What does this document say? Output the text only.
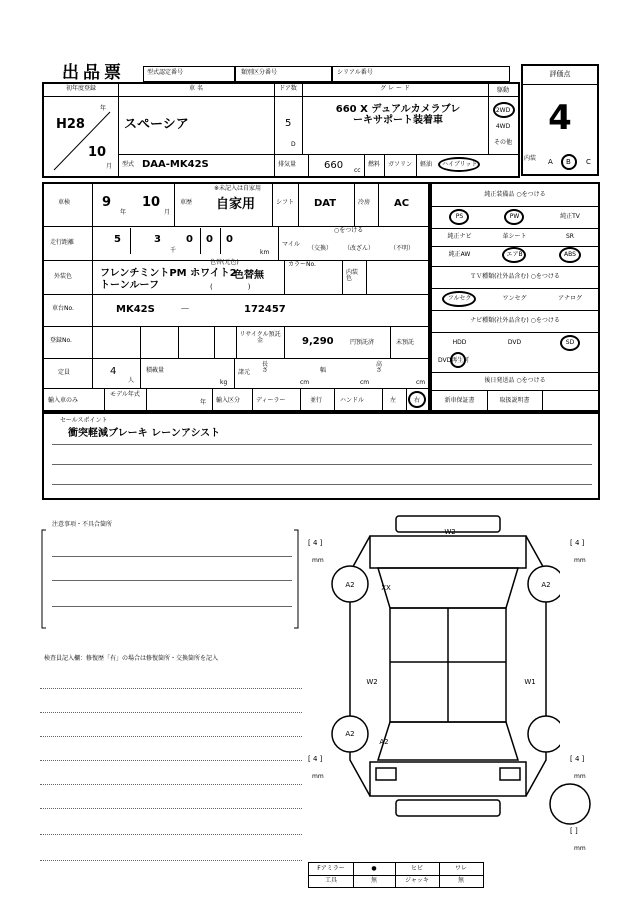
出品票	型式認定番号	類別区分番号	シリアル番号	評価点
4
初年度登録
H28
年
10
月
車 名
スペーシア
型式 DAA-MK42S
ドア数
5
D
排気量	660 cc
燃料 ガソリン 軽油 ハイブリッド
グ レ ー ド
660 X デュアルカメラブレーキサポート装着車
駆動
2WD
4WD
その他
内装 A B C
車検 9
年
10
月
車歴
※未記入は自家用
自家用	シフト DAT	冷房 AC
走行距離	5	3
千
0 0 0
km
マイル
○をつける
（交換） （改ざん）	（不明）
外装色	フレンチミントPM ホワイト2トーンルーフ
色替(元色)
色替無
(　　　　　)
カラーNo.
内装色
車台No.	MK42S	－	172457
登録No.
リサイクル預託金	9,290	円預託済	未預託
定員	4
人
積載量
kg
諸元
長さ
cm
幅
cm
高さ
cm
輸入車のみ
モデル年式
年 輸入区分	ディーラー	並行	ハンドル	左	右
純正装備品 ○をつける
PS	PW	純正TV
純正ナビ	革シート	SR
純正AW	エアB	ABS
ＴＶ種類(社外品含む) ○をつける
フルセグ	ワンセグ	アナログ
ナビ種類(社外品含む) ○をつける
HDD	DVD	SD
DVD再生可
後日発送品 ○をつける
新車保証書	取扱説明書
セールスポイント
衝突軽減ブレーキ レーンアシスト
注意事項・不具合箇所
検査員記入欄：修復歴「有」の場合は修復箇所・交換箇所を記入
W2
A2	A2
XX
W2	W1
A2
A2
[ 4 ]
mm
[ 4 ]
mm
[ 4 ]
mm
[ 4 ]
mm
[ ]
mm
Fアミラー	●	ヒビ	ワレ
工具	無	ジャッキ	無
